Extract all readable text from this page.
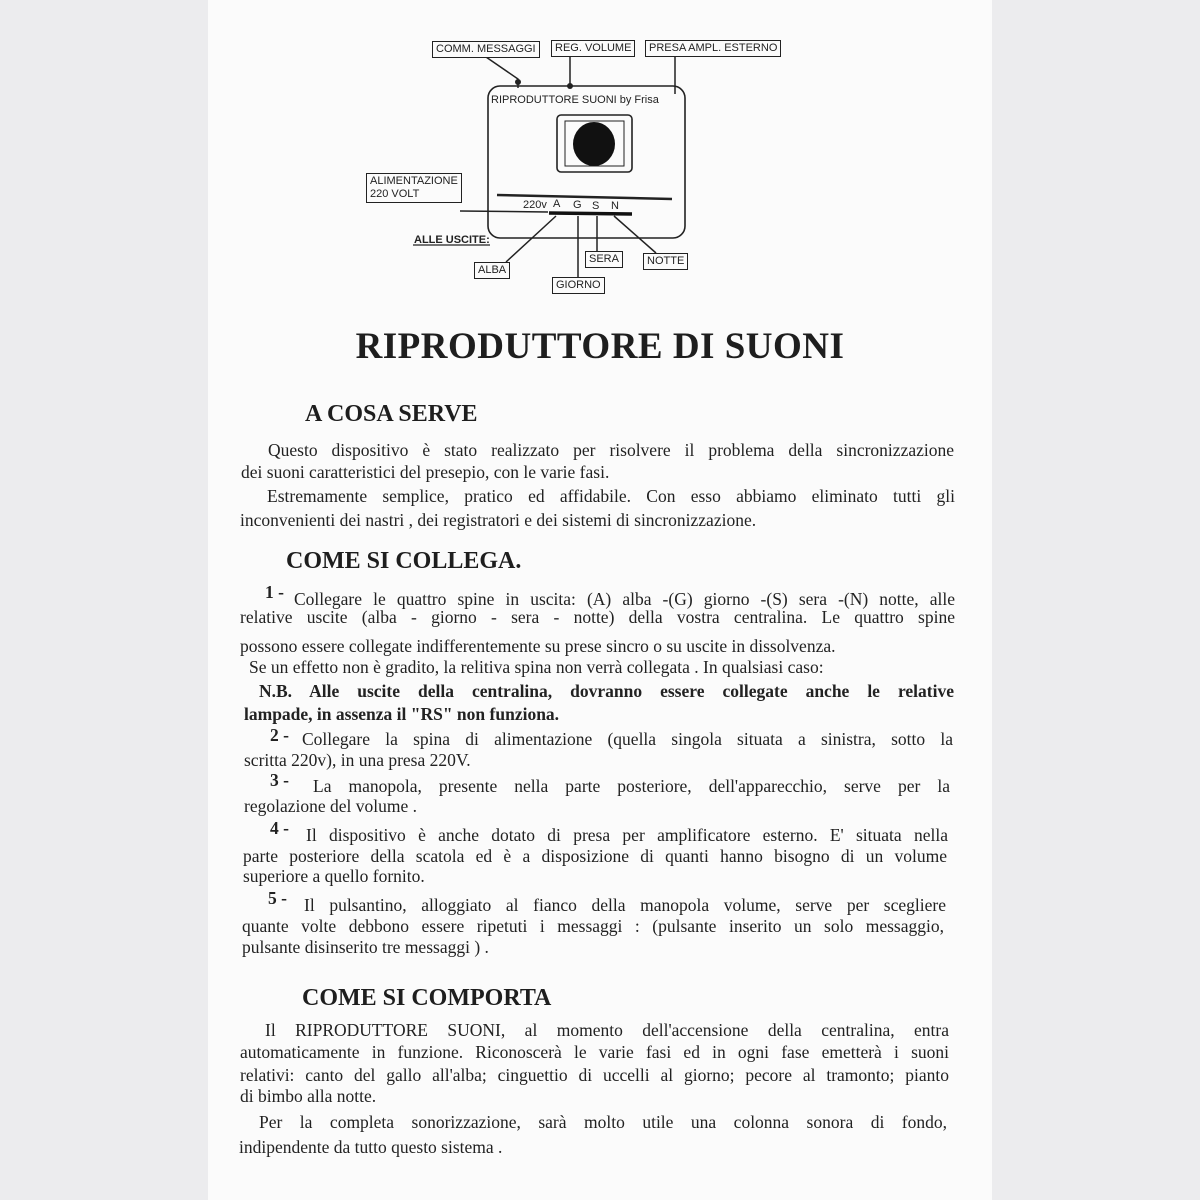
COMM. MESSAGGI	REG. VOLUME	PRESA AMPL. ESTERNO
RIPRODUTTORE SUONI by Frisa
ALIMENTAZIONE
220 VOLT
220v A G S N
ALLE USCITE:
ALBA
GIORNO
SERA	NOTTE
RIPRODUTTORE DI SUONI
A COSA SERVE
Questo dispositivo è stato realizzato per risolvere il problema della sincronizzazione
dei suoni caratteristici del presepio, con le varie fasi.
Estremamente semplice, pratico ed affidabile. Con esso abbiamo eliminato tutti gli
inconvenienti dei nastri , dei registratori e dei sistemi di sincronizzazione.
COME SI COLLEGA.
1 - Collegare le quattro spine in uscita: (A) alba -(G) giorno -(S) sera -(N) notte, alle
relative uscite (alba - giorno - sera - notte) della vostra centralina. Le quattro spine
possono essere collegate indifferentemente su prese sincro o su uscite in dissolvenza.
Se un effetto non è gradito, la relitiva spina non verrà collegata . In qualsiasi caso:
N.B. Alle uscite della centralina, dovranno essere collegate anche le relative
lampade, in assenza il "RS" non funziona.
2 - Collegare la spina di alimentazione (quella singola situata a sinistra, sotto la
scritta 220v), in una presa 220V.
3 - La manopola, presente nella parte posteriore, dell'apparecchio, serve per la
regolazione del volume .
4 - Il dispositivo è anche dotato di presa per amplificatore esterno. E' situata nella
parte posteriore della scatola ed è a disposizione di quanti hanno bisogno di un volume
superiore a quello fornito.
5 - Il pulsantino, alloggiato al fianco della manopola volume, serve per scegliere
quante volte debbono essere ripetuti i messaggi : (pulsante inserito un solo messaggio,
pulsante disinserito tre messaggi ) .
COME SI COMPORTA
Il RIPRODUTTORE SUONI, al momento dell'accensione della centralina, entra
automaticamente in funzione. Riconoscerà le varie fasi ed in ogni fase emetterà i suoni
relativi: canto del gallo all'alba; cinguettio di uccelli al giorno; pecore al tramonto; pianto
di bimbo alla notte.
Per la completa sonorizzazione, sarà molto utile una colonna sonora di fondo,
indipendente da tutto questo sistema .
